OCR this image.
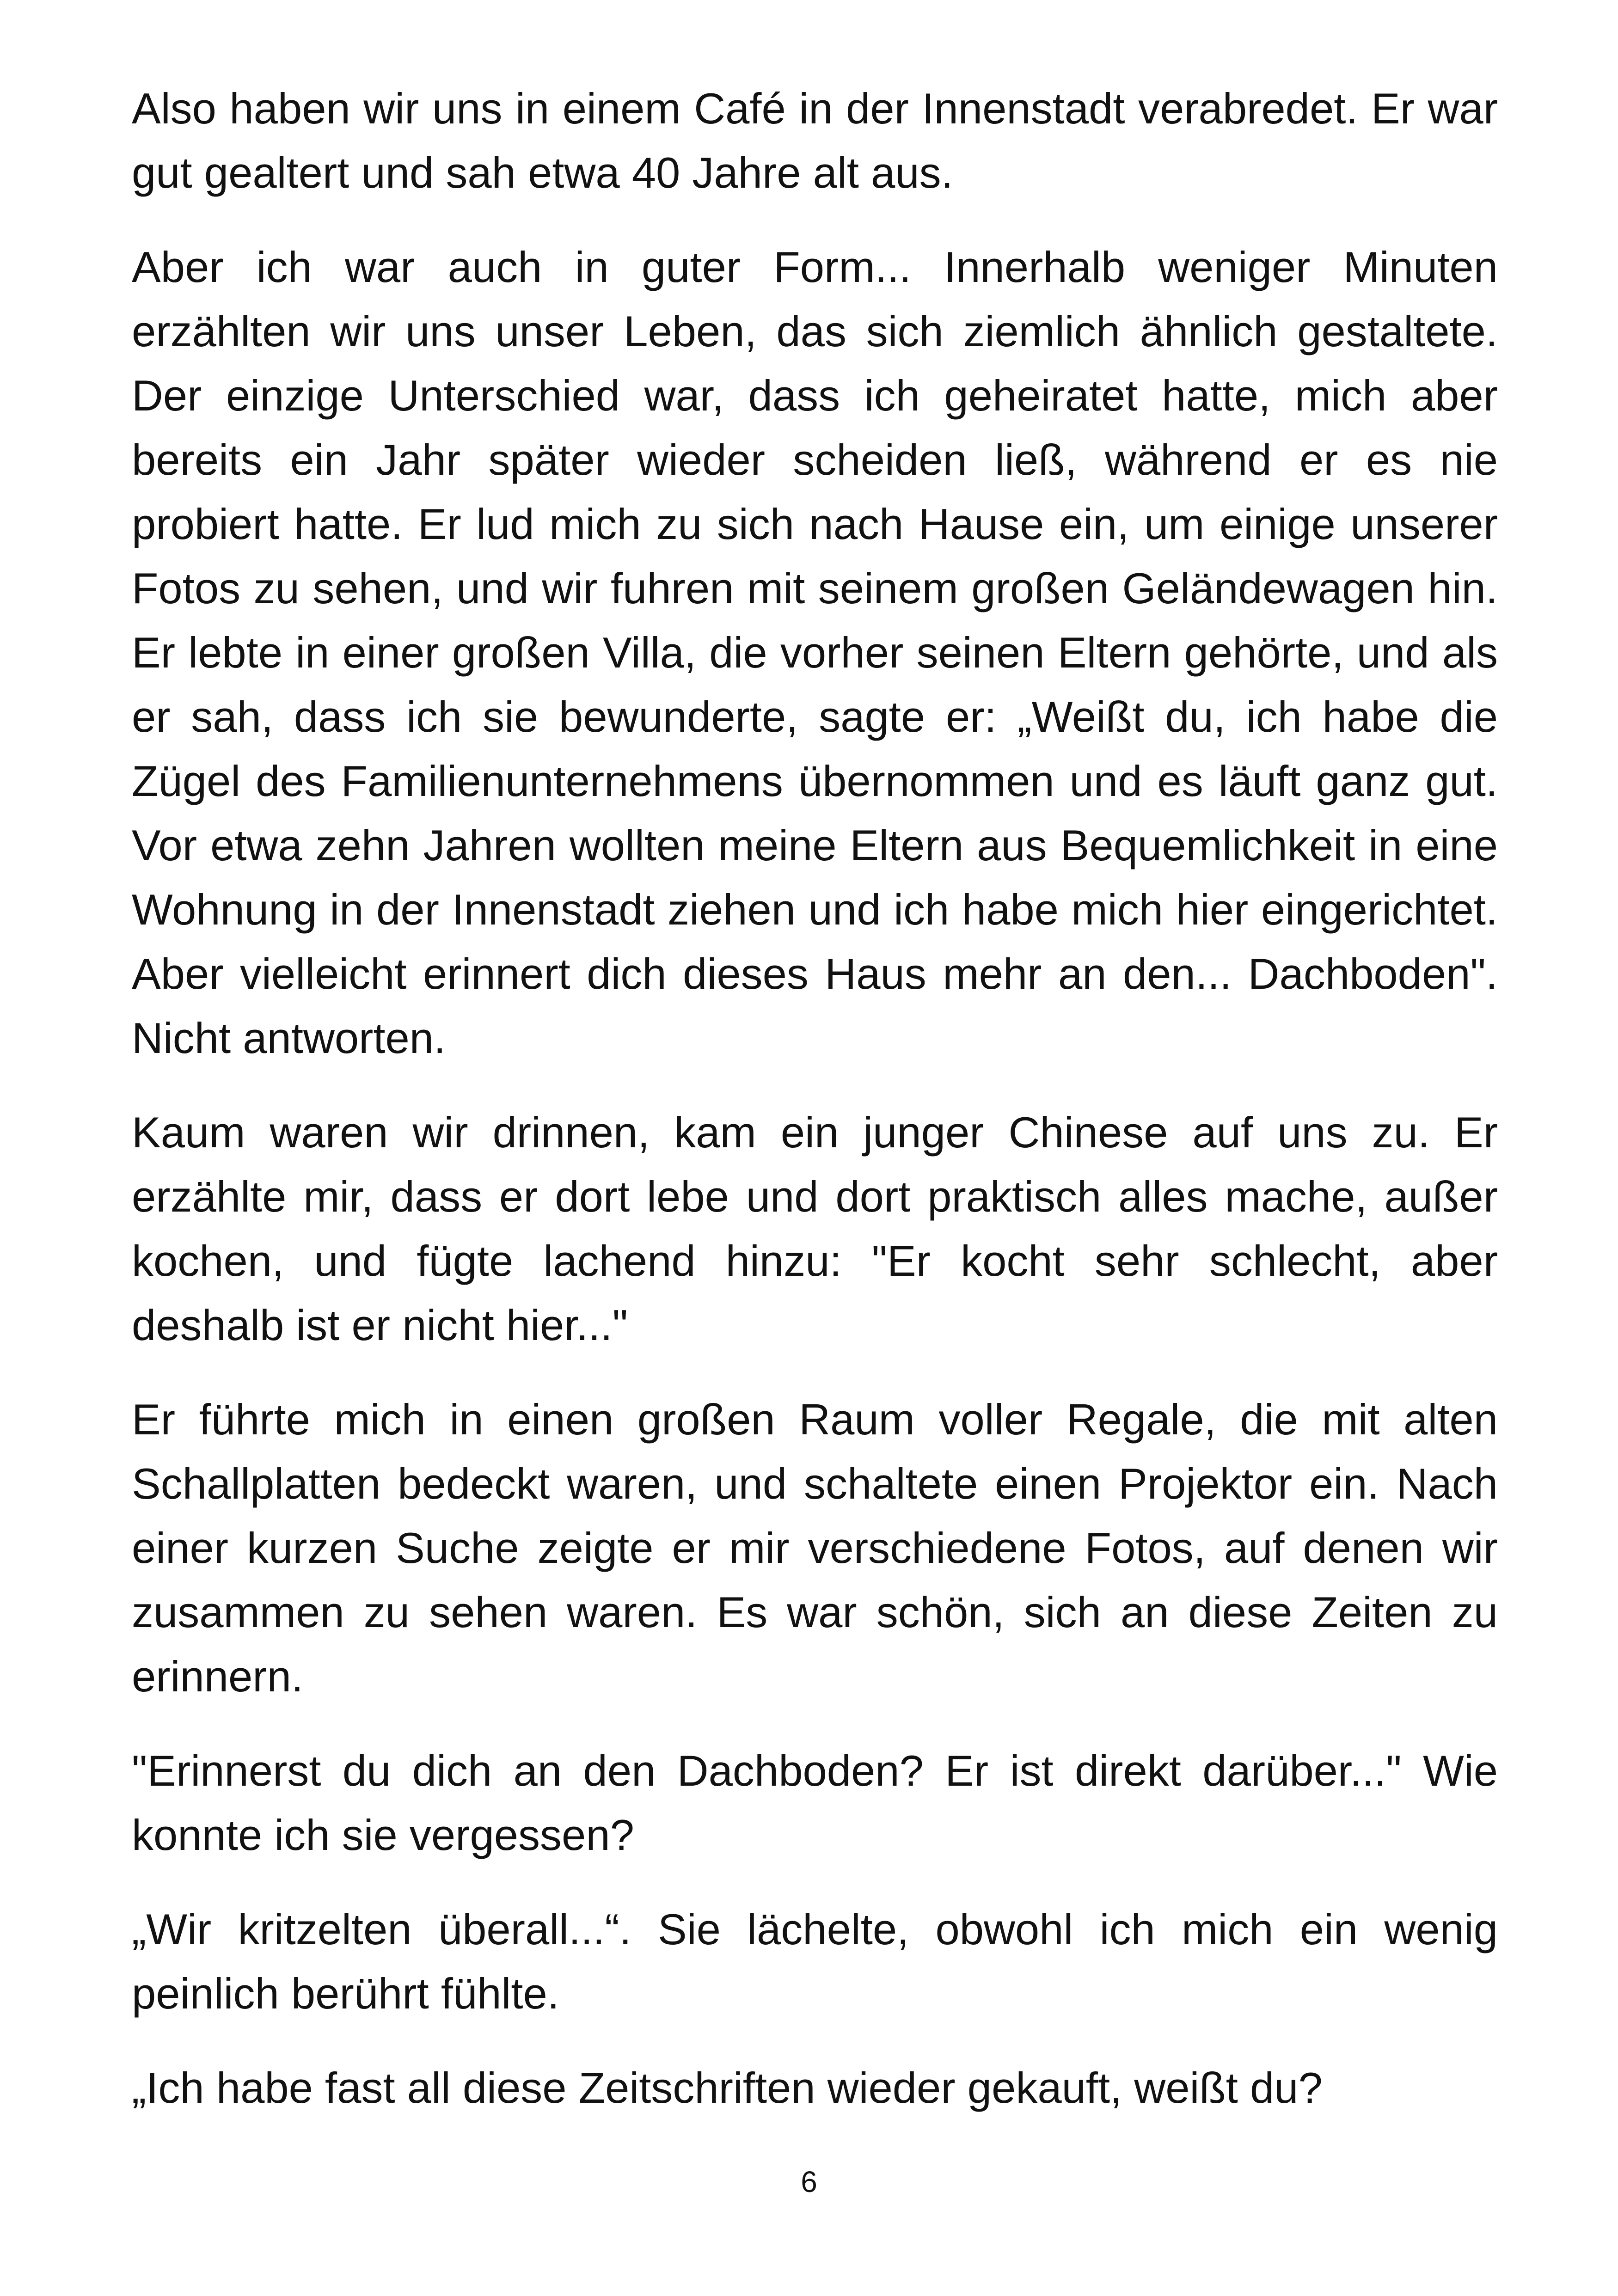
Also haben wir uns in einem Café in der Innenstadt verabredet. Er war gut gealtert und sah etwa 40 Jahre alt aus.

Aber ich war auch in guter Form... Innerhalb weniger Minuten erzählten wir uns unser Leben, das sich ziemlich ähnlich gestaltete. Der einzige Unterschied war, dass ich geheiratet hatte, mich aber bereits ein Jahr später wieder scheiden ließ, während er es nie probiert hatte. Er lud mich zu sich nach Hause ein, um einige unserer Fotos zu sehen, und wir fuhren mit seinem großen Geländewagen hin. Er lebte in einer großen Villa, die vorher seinen Eltern gehörte, und als er sah, dass ich sie bewunderte, sagte er: „Weißt du, ich habe die Zügel des Familienunternehmens übernommen und es läuft ganz gut. Vor etwa zehn Jahren wollten meine Eltern aus Bequemlichkeit in eine Wohnung in der Innenstadt ziehen und ich habe mich hier eingerichtet. Aber vielleicht erinnert dich dieses Haus mehr an den... Dachboden". Nicht antworten.

Kaum waren wir drinnen, kam ein junger Chinese auf uns zu. Er erzählte mir, dass er dort lebe und dort praktisch alles mache, außer kochen, und fügte lachend hinzu: "Er kocht sehr schlecht, aber deshalb ist er nicht hier..."

Er führte mich in einen großen Raum voller Regale, die mit alten Schallplatten bedeckt waren, und schaltete einen Projektor ein. Nach einer kurzen Suche zeigte er mir verschiedene Fotos, auf denen wir zusammen zu sehen waren. Es war schön, sich an diese Zeiten zu erinnern.

"Erinnerst du dich an den Dachboden? Er ist direkt darüber..." Wie konnte ich sie vergessen?

„Wir kritzelten überall...“. Sie lächelte, obwohl ich mich ein wenig peinlich berührt fühlte.

„Ich habe fast all diese Zeitschriften wieder gekauft, weißt du?

6
